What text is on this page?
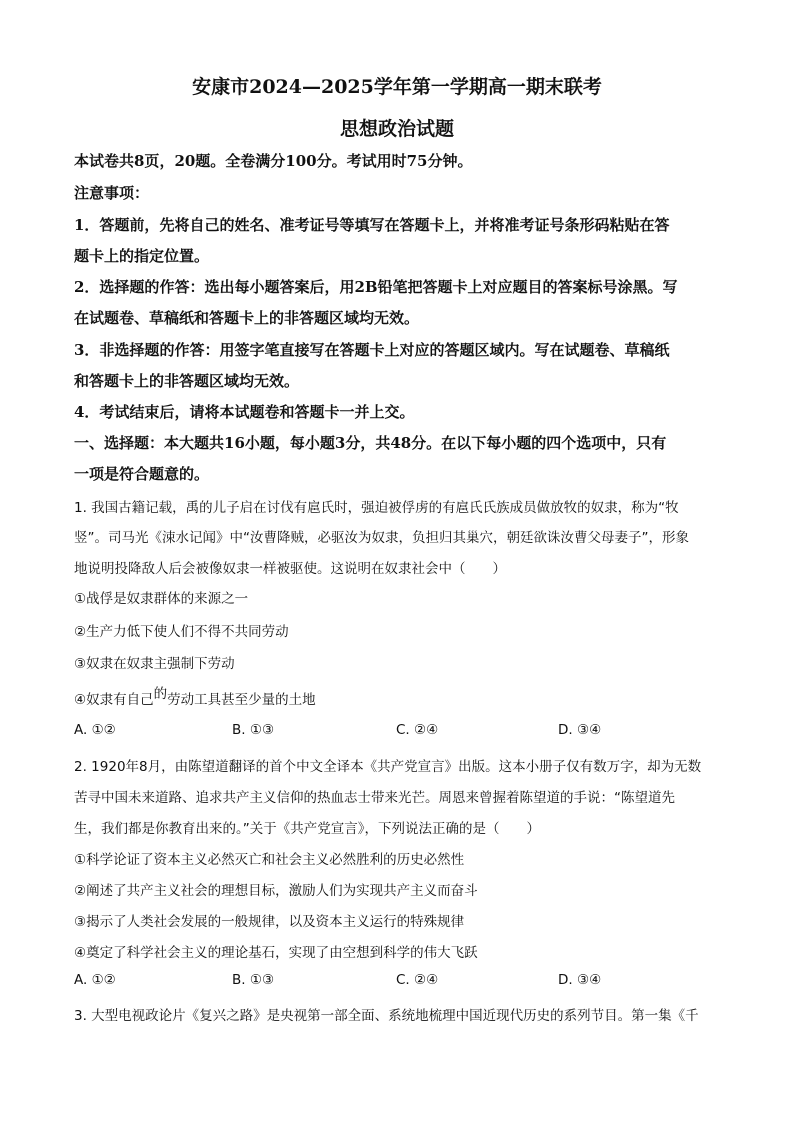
安康市2024—2025学年第一学期高一期末联考
思想政治试题
本试卷共8页，20题。全卷满分100分。考试用时75分钟。
注意事项：
1．答题前，先将自己的姓名、准考证号等填写在答题卡上，并将准考证号条形码粘贴在答
题卡上的指定位置。
2．选择题的作答：选出每小题答案后，用2B铅笔把答题卡上对应题目的答案标号涂黑。写
在试题卷、草稿纸和答题卡上的非答题区域均无效。
3．非选择题的作答：用签字笔直接写在答题卡上对应的答题区域内。写在试题卷、草稿纸
和答题卡上的非答题区域均无效。
4．考试结束后，请将本试题卷和答题卡一并上交。
一、选择题：本大题共16小题，每小题3分，共48分。在以下每小题的四个选项中，只有
一项是符合题意的。
1. 我国古籍记载，禹的儿子启在讨伐有扈氏时，强迫被俘虏的有扈氏氏族成员做放牧的奴隶，称为“牧
竖”。司马光《涑水记闻》中“汝曹降贼，必驱汝为奴隶，负担归其巢穴，朝廷欲诛汝曹父母妻子”，形象
地说明投降敌人后会被像奴隶一样被驱使。这说明在奴隶社会中（　　）
①战俘是奴隶群体的来源之一
②生产力低下使人们不得不共同劳动
③奴隶在奴隶主强制下劳动
④奴隶有自己的劳动工具甚至少量的土地
A. ①②	B. ①③	C. ②④	D. ③④
2. 1920年8月，由陈望道翻译的首个中文全译本《共产党宣言》出版。这本小册子仅有数万字，却为无数
苦寻中国未来道路、追求共产主义信仰的热血志士带来光芒。周恩来曾握着陈望道的手说：“陈望道先
生，我们都是你教育出来的。”关于《共产党宣言》，下列说法正确的是（　　）
①科学论证了资本主义必然灭亡和社会主义必然胜利的历史必然性
②阐述了共产主义社会的理想目标，激励人们为实现共产主义而奋斗
③揭示了人类社会发展的一般规律，以及资本主义运行的特殊规律
④奠定了科学社会主义的理论基石，实现了由空想到科学的伟大飞跃
A. ①②	B. ①③	C. ②④	D. ③④
3. 大型电视政论片《复兴之路》是央视第一部全面、系统地梳理中国近现代历史的系列节目。第一集《千
